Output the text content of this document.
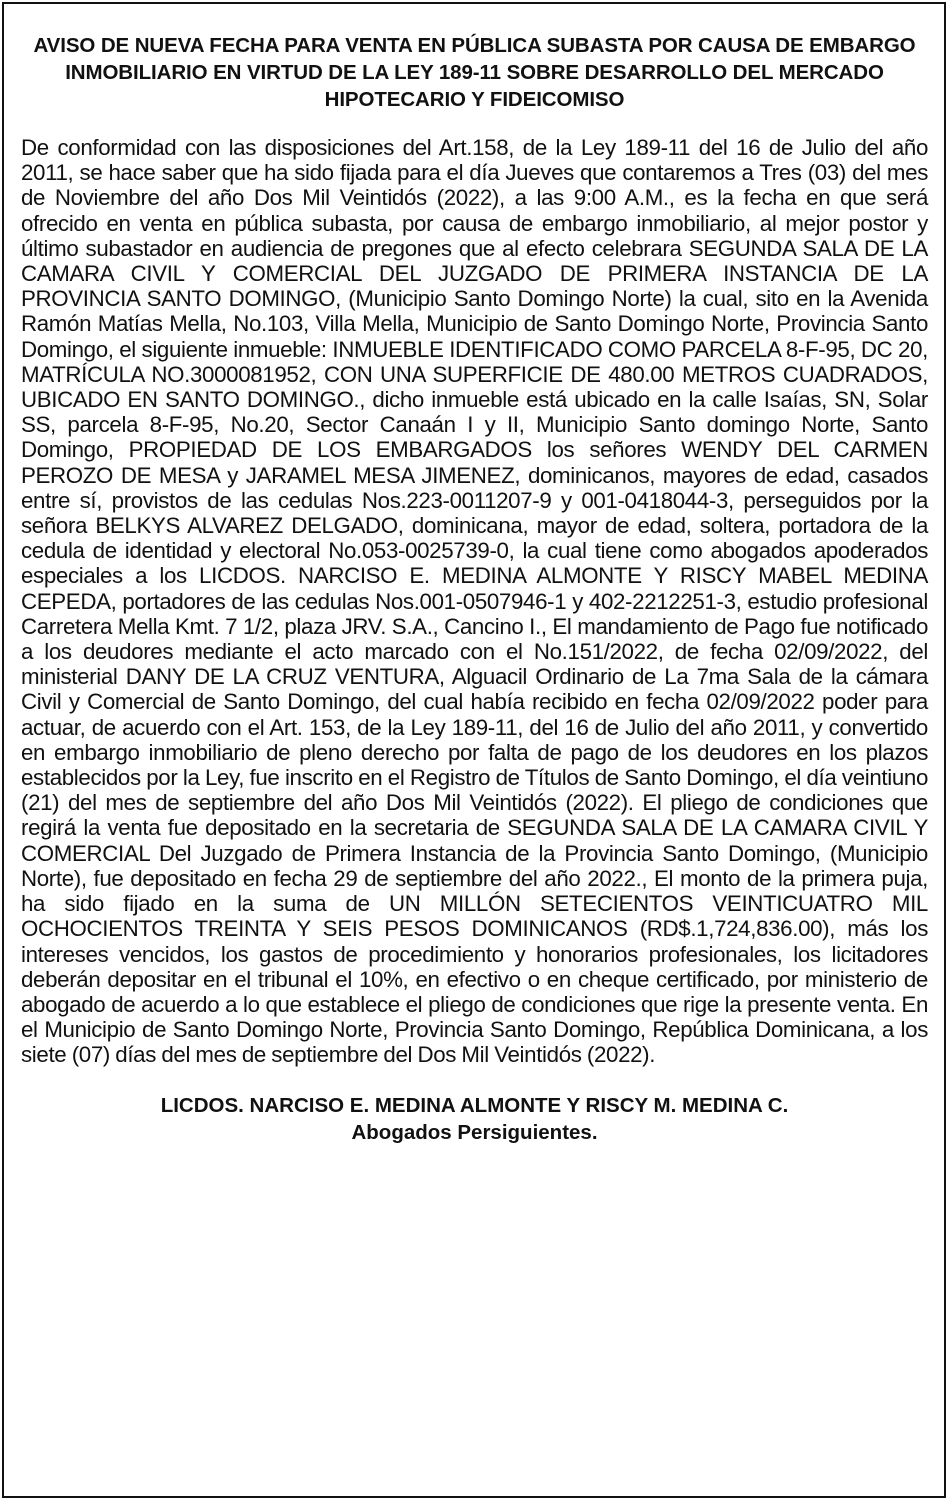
AVISO DE NUEVA FECHA PARA VENTA EN PÚBLICA SUBASTA POR CAUSA DE EMBARGO INMOBILIARIO EN VIRTUD DE LA LEY 189-11 SOBRE DESARROLLO DEL MERCADO HIPOTECARIO Y FIDEICOMISO

De conformidad con las disposiciones del Art.158, de la Ley 189-11 del 16 de Julio del año 2011, se hace saber que ha sido fijada para el día Jueves que contaremos a Tres (03) del mes de Noviembre del año Dos Mil Veintidós (2022), a las 9:00 A.M., es la fecha en que será ofrecido en venta en pública subasta, por causa de embargo inmobiliario, al mejor postor y último subastador en audiencia de pregones que al efecto celebrara SEGUNDA SALA DE LA CAMARA CIVIL Y COMERCIAL DEL JUZGADO DE PRIMERA INSTANCIA DE LA PROVINCIA SANTO DOMINGO, (Municipio Santo Domingo Norte) la cual, sito en la Avenida Ramón Matías Mella, No.103, Villa Mella, Municipio de Santo Domingo Norte, Provincia Santo Domingo, el siguiente inmueble: INMUEBLE IDENTIFICADO COMO PARCELA 8-F-95, DC 20, MATRÍCULA NO.3000081952, CON UNA SUPERFICIE DE 480.00 METROS CUADRADOS, UBICADO EN SANTO DOMINGO., dicho inmueble está ubicado en la calle Isaías, SN, Solar SS, parcela 8-F-95, No.20, Sector Canaán I y II, Municipio Santo domingo Norte, Santo Domingo, PROPIEDAD DE LOS EMBARGADOS los señores WENDY DEL CARMEN PEROZO DE MESA y JARAMEL MESA JIMENEZ, dominicanos, mayores de edad, casados entre sí, provistos de las cedulas Nos.223-0011207-9 y 001-0418044-3, perseguidos por la señora BELKYS ALVAREZ DELGADO, dominicana, mayor de edad, soltera, portadora de la cedula de identidad y electoral No.053-0025739-0, la cual tiene como abogados apoderados especiales a los LICDOS. NARCISO E. MEDINA ALMONTE Y RISCY MABEL MEDINA CEPEDA, portadores de las cedulas Nos.001-0507946-1 y 402-2212251-3, estudio profesional Carretera Mella Kmt. 7 1/2, plaza JRV. S.A., Cancino I., El mandamiento de Pago fue notificado a los deudores mediante el acto marcado con el No.151/2022, de fecha 02/09/2022, del ministerial DANY DE LA CRUZ VENTURA, Alguacil Ordinario de La 7ma Sala de la cámara Civil y Comercial de Santo Domingo, del cual había recibido en fecha 02/09/2022 poder para actuar, de acuerdo con el Art. 153, de la Ley 189-11, del 16 de Julio del año 2011, y convertido en embargo inmobiliario de pleno derecho por falta de pago de los deudores en los plazos establecidos por la Ley, fue inscrito en el Registro de Títulos de Santo Domingo, el día veintiuno (21) del mes de septiembre del año Dos Mil Veintidós (2022). El pliego de condiciones que regirá la venta fue depositado en la secretaria de SEGUNDA SALA DE LA CAMARA CIVIL Y COMERCIAL Del Juzgado de Primera Instancia de la Provincia Santo Domingo, (Municipio Norte), fue depositado en fecha 29 de septiembre del año 2022., El monto de la primera puja, ha sido fijado en la suma de UN MILLÓN SETECIENTOS VEINTICUATRO MIL OCHOCIENTOS TREINTA Y SEIS PESOS DOMINICANOS (RD$.1,724,836.00), más los intereses vencidos, los gastos de procedimiento y honorarios profesionales, los licitadores deberán depositar en el tribunal el 10%, en efectivo o en cheque certificado, por ministerio de abogado de acuerdo a lo que establece el pliego de condiciones que rige la presente venta. En el Municipio de Santo Domingo Norte, Provincia Santo Domingo, República Dominicana, a los siete (07) días del mes de septiembre del Dos Mil Veintidós (2022).

LICDOS. NARCISO E. MEDINA ALMONTE Y RISCY M. MEDINA C.
Abogados Persiguientes.
